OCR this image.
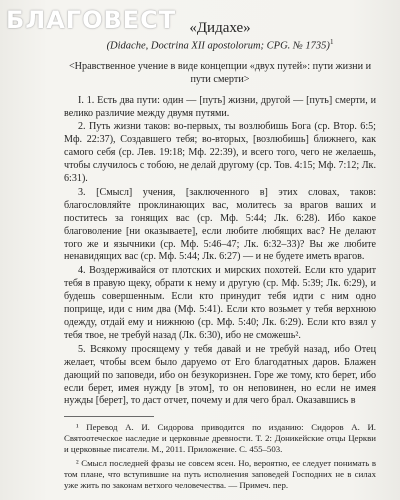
БЛАГОВЕСТ «Дидахе»

(Didache, Doctrina XII apostolorum; CPG. № 1735)$^1$

<Нравственное учение в виде концепции «двух путей»: пути жизни и пути смерти>

I. 1. Есть два пути: один — [путь] жизни, другой — [путь] смерти, и велико различие между двумя путями.

2. Путь жизни таков: во-первых, ты возлюбишь Бога (ср. Втор. 6:5; Мф. 22:37), Создавшего тебя; во-вторых, [возлюбишь] ближнего, как самого себя (ср. Лев. 19:18; Мф. 22:39), и всего того, чего не желаешь, чтобы случилось с тобою, не делай другому (ср. Тов. 4:15; Мф. 7:12; Лк. 6:31).

3. [Смысл] учения, [заключенного в] этих словах, таков: благословляйте проклинающих вас, молитесь за врагов ваших и поститесь за гонящих вас (ср. Мф. 5:44; Лк. 6:28). Ибо какое благоволение [ни оказываете], если любите любящих вас? Не делают того же и язычники (ср. Мф. 5:46–47; Лк. 6:32–33)? Вы же любите ненавидящих вас (ср. Мф. 5:44; Лк. 6:27) — и не будете иметь врагов.

4. Воздерживайся от плотских и мирских похотей. Если кто ударит тебя в правую щеку, обрати к нему и другую (ср. Мф. 5:39; Лк. 6:29), и будешь совершенным. Если кто принудит тебя идти с ним одно поприще, иди с ним два (Мф. 5:41). Если кто возьмет у тебя верхнюю одежду, отдай ему и нижнюю (ср. Мф. 5:40; Лк. 6:29). Если кто взял у тебя твое, не требуй назад (Лк. 6:30), ибо не сможешь².

5. Всякому просящему у тебя давай и не требуй назад, ибо Отец желает, чтобы всем было даруемо от Его благодатных даров. Блажен дающий по заповеди, ибо он безукоризнен. Горе же тому, кто берет, ибо если берет, имея нужду [в этом], то он неповинен, но если не имея нужды [берет], то даст отчет, почему и для чего брал. Оказавшись в

¹ Перевод А. И. Сидорова приводится по изданию: Сидоров А. И. Святоотеческое наследие и церковные древности. Т. 2: Доникейские отцы Церкви и церковные писатели. М., 2011. Приложение. С. 455–503.

² Смысл последней фразы не совсем ясен. Но, вероятно, ее следует понимать в том плане, что вступившие на путь исполнения заповедей Господних не в силах уже жить по законам ветхого человечества. — Примеч. пер.
